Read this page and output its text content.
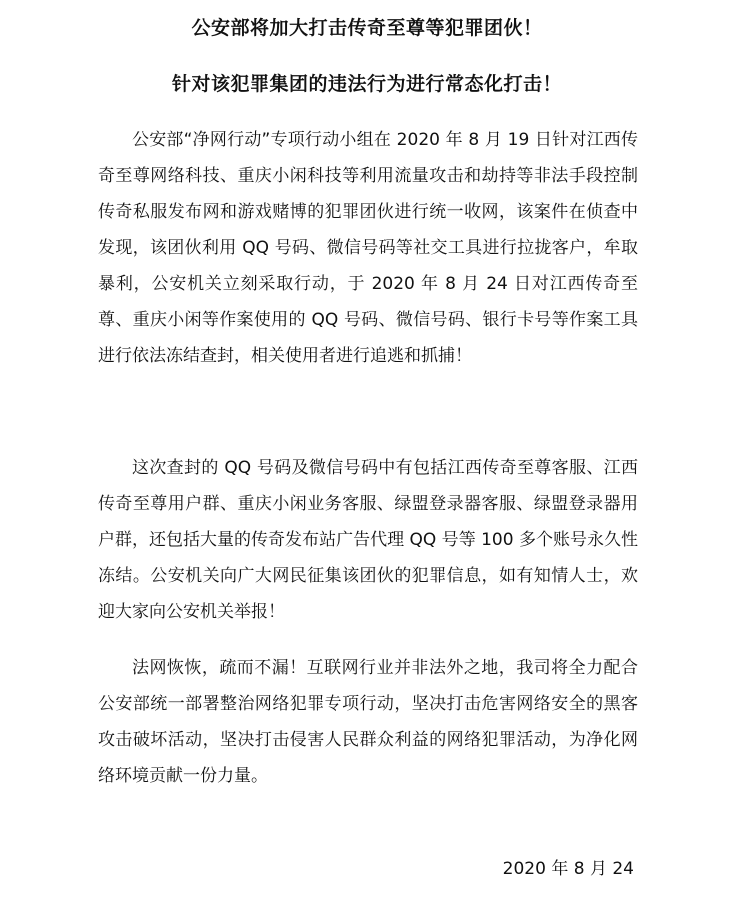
公安部将加大打击传奇至尊等犯罪团伙！
针对该犯罪集团的违法行为进行常态化打击！

公安部“净网行动”专项行动小组在 2020 年 8 月 19 日针对江西传奇至尊网络科技、重庆小闲科技等利用流量攻击和劫持等非法手段控制传奇私服发布网和游戏赌博的犯罪团伙进行统一收网，该案件在侦查中发现，该团伙利用 QQ 号码、微信号码等社交工具进行拉拢客户，牟取暴利，公安机关立刻采取行动，于 2020 年 8 月 24 日对江西传奇至尊、重庆小闲等作案使用的 QQ 号码、微信号码、银行卡号等作案工具进行依法冻结查封，相关使用者进行追逃和抓捕！

这次查封的 QQ 号码及微信号码中有包括江西传奇至尊客服、江西传奇至尊用户群、重庆小闲业务客服、绿盟登录器客服、绿盟登录器用户群，还包括大量的传奇发布站广告代理 QQ 号等 100 多个账号永久性冻结。公安机关向广大网民征集该团伙的犯罪信息，如有知情人士，欢迎大家向公安机关举报！

法网恢恢，疏而不漏！互联网行业并非法外之地，我司将全力配合公安部统一部署整治网络犯罪专项行动，坚决打击危害网络安全的黑客攻击破坏活动，坚决打击侵害人民群众利益的网络犯罪活动，为净化网络环境贡献一份力量。

2020 年 8 月 24
